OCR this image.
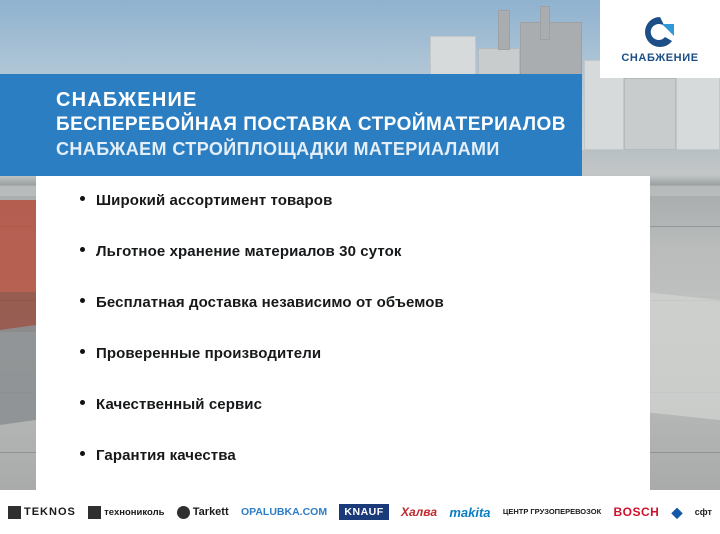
СНАБЖЕНИЕ
СНАБЖЕНИЕ
БЕСПЕРЕБОЙНАЯ ПОСТАВКА СТРОЙМАТЕРИАЛОВ
СНАБЖАЕМ СТРОЙПЛОЩАДКИ МАТЕРИАЛАМИ
Широкий ассортимент товаров
Льготное хранение материалов 30 суток
Бесплатная доставка независимо от объемов
Проверенные производители
Качественный сервис
Гарантия качества
TEKNOS	технониколь	Tarkett OPALUBKA.COM	KNAUF	Халва makita ЦЕНТР ГРУЗОПЕРЕВОЗОК BOSCH ◆ сфт
